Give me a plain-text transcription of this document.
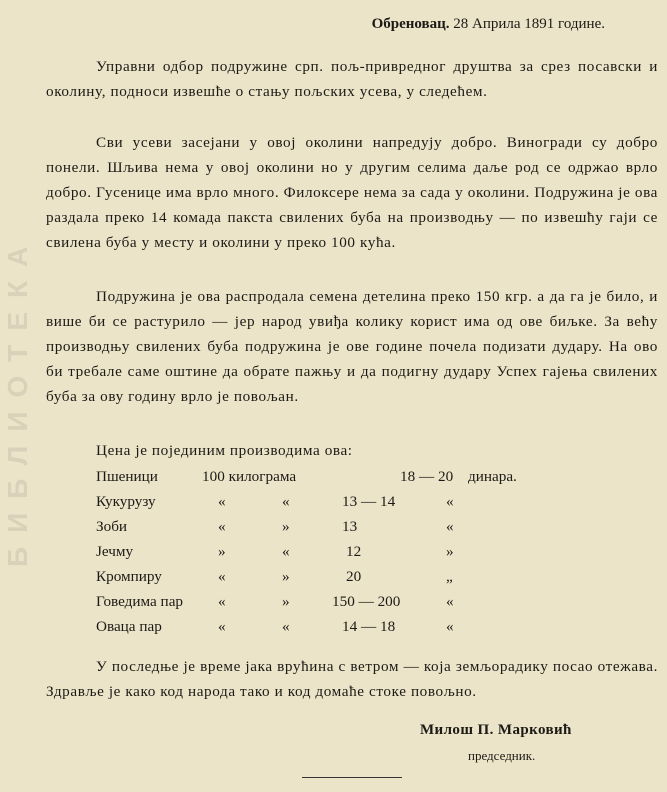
БИБЛИОТЕКА
Обреновац. 28 Априла 1891 године.

Управни одбор подружине срп. пољ-привредног друштва за срез посавски и околину, подноси извешће о стању пољских усева, у следећем.

Сви усеви засејани у овој околини напредују добро. Виногради су добро понели. Шљива нема у овој околини но у другим селима даље род се одржао врло добро. Гусенице има врло много. Филоксере нема за сада у околини. Подружина је ова раздала преко 14 комада пакста свилених буба на производњу — по извешћу гаји се свилена буба у месту и околини у преко 100 кућа.

Подружина је ова распродала семена детелина преко 150 кгр. а да га је било, и више би се растурило — јер народ увиђа колику корист има од ове биљке. За већу производњу свилених буба подружина је ове године почела подизати дудару. На ово би требале саме оштине да обрате пажњу и да подигну дудару Успех гајења свилених буба за ову годину врло је повољан.

Цена је појединим производима ова:
Пшеници	100 килограма	18 — 20 динара.
Кукурузу	«	«	13 — 14	«
Зоби	«	»	13	«
Јечму	»	«	12	»
Кромпиру	«	»	20	„
Говедима пар «	»	150 — 200	«
Оваца пар	«	«	14 — 18	«

У последње је време јака врућина с ветром — која земљорадику посао отежава. Здравље је како код народа тако и код домаће стоке повољно.

Милош П. Марковић
председник.
